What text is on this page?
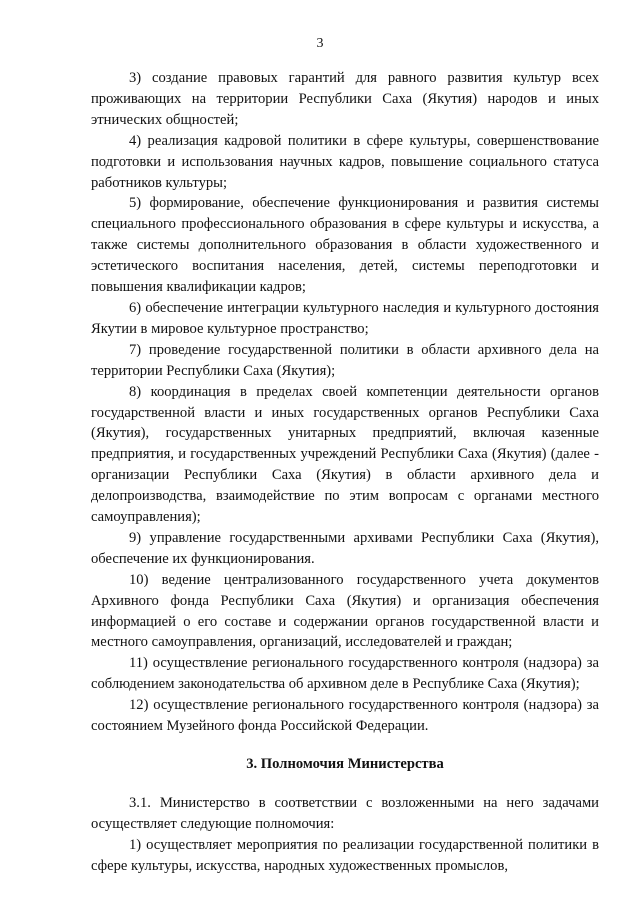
3

3) создание правовых гарантий для равного развития культур всех проживающих на территории Республики Саха (Якутия) народов и иных этнических общностей;

4) реализация кадровой политики в сфере культуры, совершенствование подготовки и использования научных кадров, повышение социального статуса работников культуры;

5) формирование, обеспечение функционирования и развития системы специального профессионального образования в сфере культуры и искусства, а также системы дополнительного образования в области художественного и эстетического воспитания населения, детей, системы переподготовки и повышения квалификации кадров;

6) обеспечение интеграции культурного наследия и культурного достояния Якутии в мировое культурное пространство;

7) проведение государственной политики в области архивного дела на территории Республики Саха (Якутия);

8) координация в пределах своей компетенции деятельности органов государственной власти и иных государственных органов Республики Саха (Якутия), государственных унитарных предприятий, включая казенные предприятия, и государственных учреждений Республики Саха (Якутия) (далее - организации Республики Саха (Якутия) в области архивного дела и делопроизводства, взаимодействие по этим вопросам с органами местного самоуправления);

9) управление государственными архивами Республики Саха (Якутия), обеспечение их функционирования.

10) ведение централизованного государственного учета документов Архивного фонда Республики Саха (Якутия) и организация обеспечения информацией о его составе и содержании органов государственной власти и местного самоуправления, организаций, исследователей и граждан;

11) осуществление регионального государственного контроля (надзора) за соблюдением законодательства об архивном деле в Республике Саха (Якутия);

12) осуществление регионального государственного контроля (надзора) за состоянием Музейного фонда Российской Федерации.

3. Полномочия Министерства

3.1. Министерство в соответствии с возложенными на него задачами осуществляет следующие полномочия:

1) осуществляет мероприятия по реализации государственной политики в сфере культуры, искусства, народных художественных промыслов,
